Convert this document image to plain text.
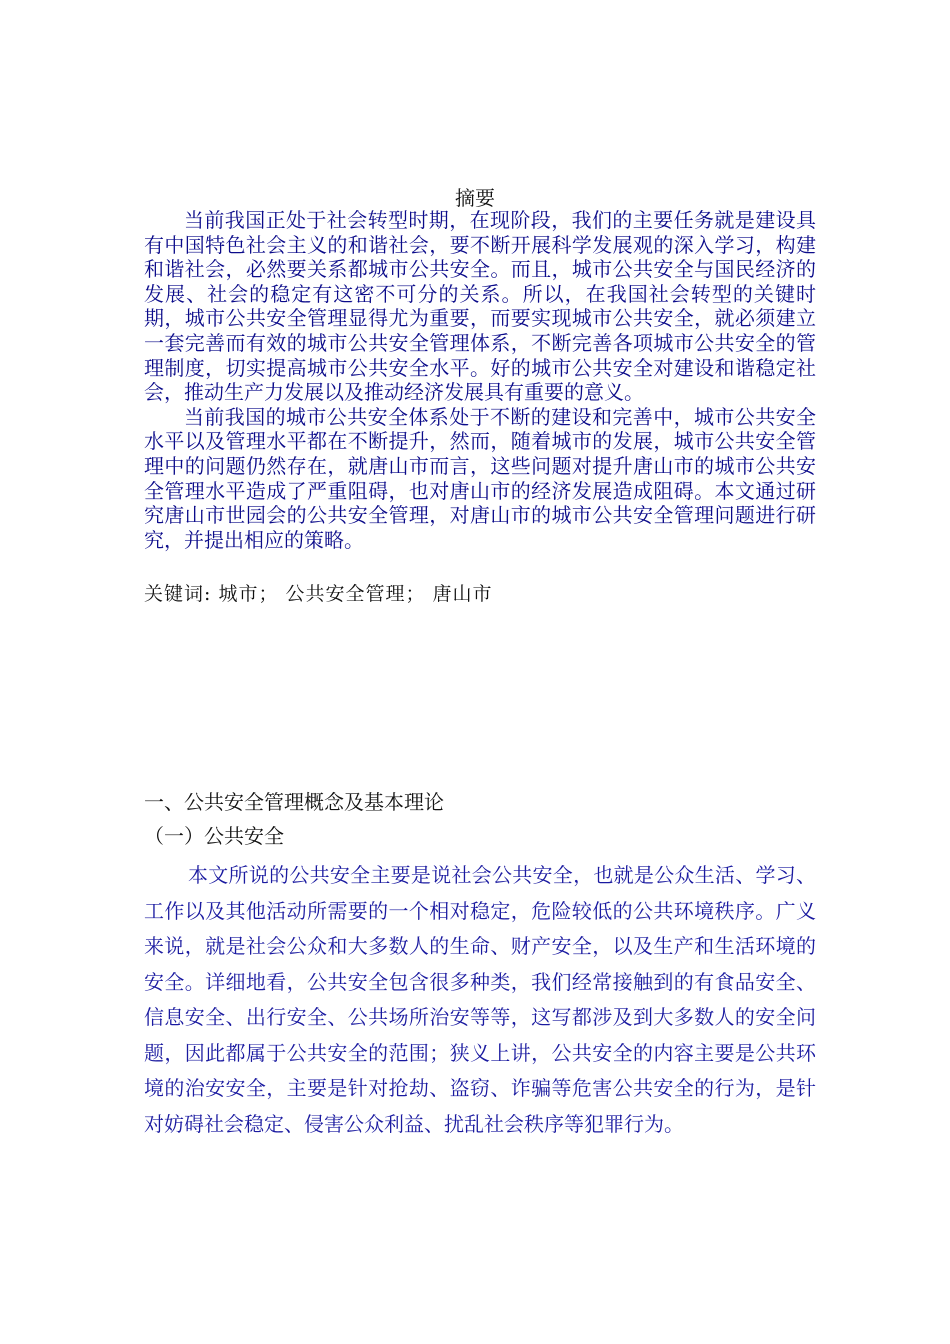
摘要

当前我国正处于社会转型时期，在现阶段，我们的主要任务就是建设具有中国特色社会主义的和谐社会，要不断开展科学发展观的深入学习，构建和谐社会，必然要关系都城市公共安全。而且，城市公共安全与国民经济的发展、社会的稳定有这密不可分的关系。所以，在我国社会转型的关键时期，城市公共安全管理显得尤为重要，而要实现城市公共安全，就必须建立一套完善而有效的城市公共安全管理体系，不断完善各项城市公共安全的管理制度，切实提高城市公共安全水平。好的城市公共安全对建设和谐稳定社会，推动生产力发展以及推动经济发展具有重要的意义。

当前我国的城市公共安全体系处于不断的建设和完善中，城市公共安全水平以及管理水平都在不断提升，然而，随着城市的发展，城市公共安全管理中的问题仍然存在，就唐山市而言，这些问题对提升唐山市的城市公共安全管理水平造成了严重阻碍，也对唐山市的经济发展造成阻碍。本文通过研究唐山市世园会的公共安全管理，对唐山市的城市公共安全管理问题进行研究，并提出相应的策略。

关键词: 城市； 公共安全管理； 唐山市
一、公共安全管理概念及基本理论
（一）公共安全

本文所说的公共安全主要是说社会公共安全，也就是公众生活、学习、工作以及其他活动所需要的一个相对稳定，危险较低的公共环境秩序。广义来说，就是社会公众和大多数人的生命、财产安全，以及生产和生活环境的安全。详细地看，公共安全包含很多种类，我们经常接触到的有食品安全、信息安全、出行安全、公共场所治安等等，这写都涉及到大多数人的安全问题，因此都属于公共安全的范围；狭义上讲，公共安全的内容主要是公共环境的治安安全，主要是针对抢劫、盗窃、诈骗等危害公共安全的行为，是针对妨碍社会稳定、侵害公众利益、扰乱社会秩序等犯罪行为。
